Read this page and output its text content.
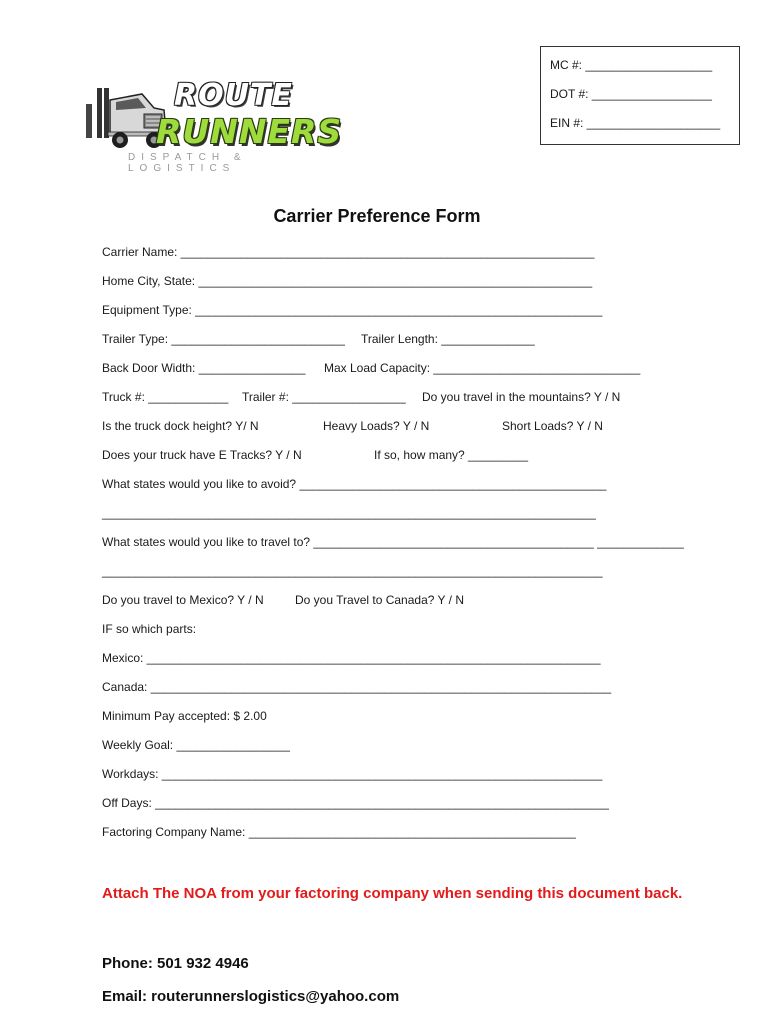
ROUTE
RUNNERS
DISPATCH & LOGISTICS
MC #: ___________________
DOT #: __________________
EIN #: ____________________
Carrier Preference Form
Carrier Name: ______________________________________________________________
Home City, State: ___________________________________________________________
Equipment Type: _____________________________________________________________
Trailer Type: __________________________ Trailer Length: ______________
Back Door Width: ________________ Max Load Capacity: _______________________________
Truck #: ____________ Trailer #: _________________ Do you travel in the mountains? Y / N
Is the truck dock height? Y/ N	Heavy Loads? Y / N	Short Loads? Y / N
Does your truck have E Tracks? Y / N	If so, how many? _________
What states would you like to avoid? ______________________________________________
__________________________________________________________________________
What states would you like to travel to? __________________________________________ _____________
___________________________________________________________________________
Do you travel to Mexico? Y / N	Do you Travel to Canada? Y / N
IF so which parts:
Mexico: ____________________________________________________________________
Canada: _____________________________________________________________________
Minimum Pay accepted: $ 2.00
Weekly Goal: _________________
Workdays: __________________________________________________________________
Off Days: ____________________________________________________________________
Factoring Company Name: _________________________________________________
Attach The NOA from your factoring company when sending this document back.
Phone: 501 932 4946
Email: routerunnerslogistics@yahoo.com
